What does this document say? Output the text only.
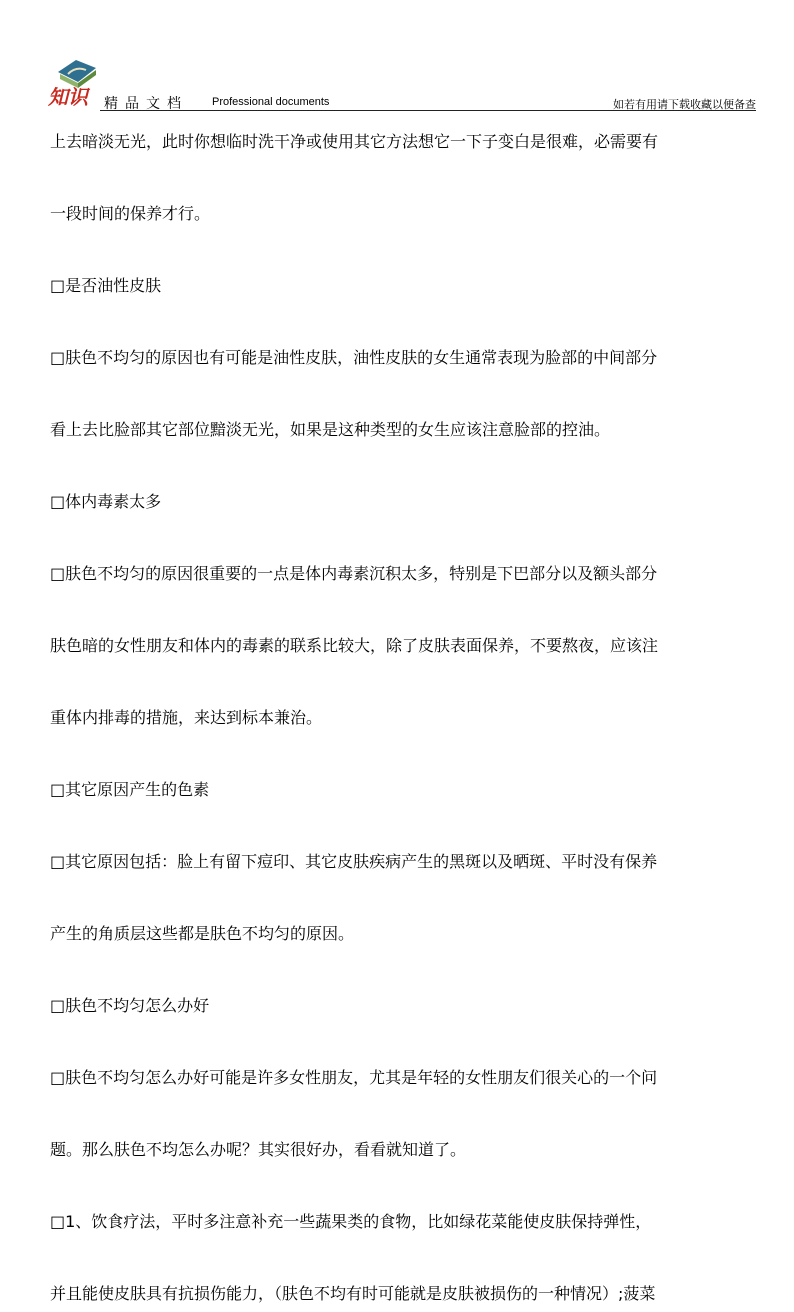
知识 精品文档 Professional documents	如若有用请下载收藏以便备查
上去暗淡无光，此时你想临时洗干净或使用其它方法想它一下子变白是很难，必需要有
一段时间的保养才行。
□是否油性皮肤
□肤色不均匀的原因也有可能是油性皮肤，油性皮肤的女生通常表现为脸部的中间部分
看上去比脸部其它部位黯淡无光，如果是这种类型的女生应该注意脸部的控油。
□体内毒素太多
□肤色不均匀的原因很重要的一点是体内毒素沉积太多，特别是下巴部分以及额头部分
肤色暗的女性朋友和体内的毒素的联系比较大，除了皮肤表面保养，不要熬夜，应该注
重体内排毒的措施，来达到标本兼治。
□其它原因产生的色素
□其它原因包括：脸上有留下痘印、其它皮肤疾病产生的黑斑以及晒斑、平时没有保养
产生的角质层这些都是肤色不均匀的原因。
□肤色不均匀怎么办好
□肤色不均匀怎么办好可能是许多女性朋友，尤其是年轻的女性朋友们很关心的一个问
题。那么肤色不均怎么办呢？其实很好办，看看就知道了。
□1、饮食疗法，平时多注意补充一些蔬果类的食物，比如绿花菜能使皮肤保持弹性，
并且能使皮肤具有抗损伤能力，（肤色不均有时可能就是皮肤被损伤的一种情况）;菠菜
